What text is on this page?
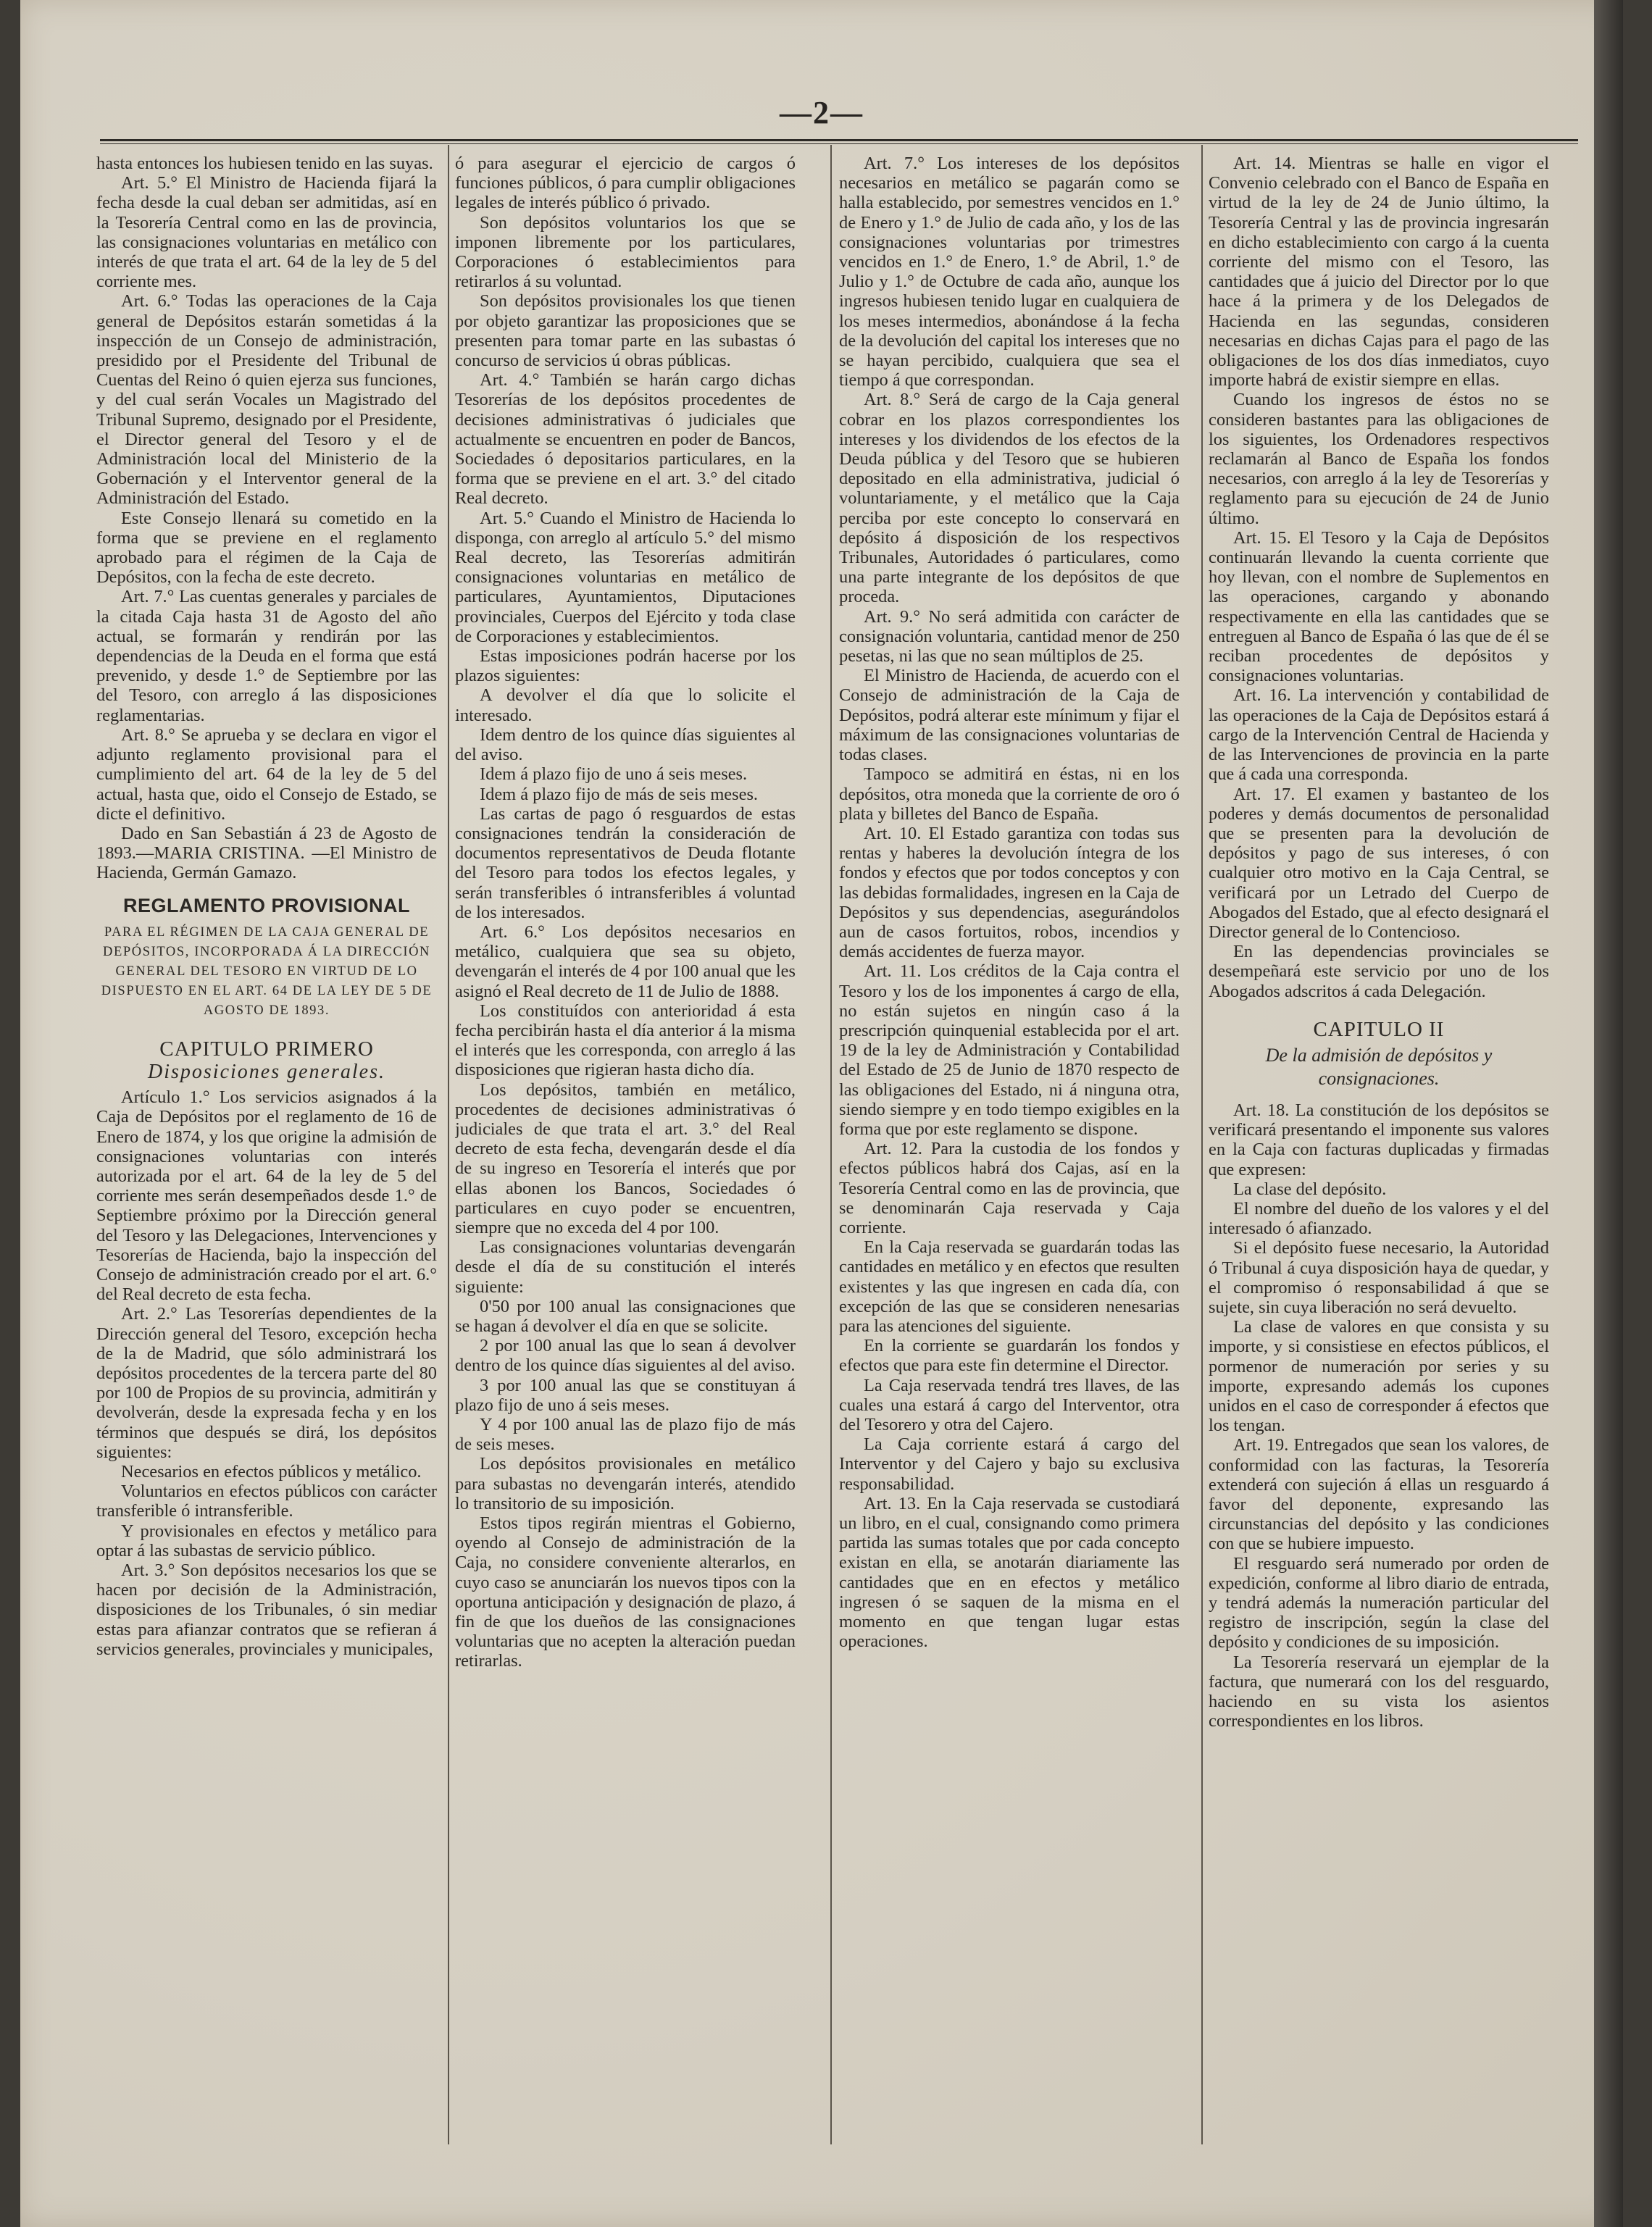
—2—

hasta entonces los hubiesen tenido en las suyas.

Art. 5.° El Ministro de Hacienda fijará la fecha desde la cual deban ser admitidas, así en la Tesorería Central como en las de provincia, las consignaciones voluntarias en metálico con interés de que trata el art. 64 de la ley de 5 del corriente mes.

Art. 6.° Todas las operaciones de la Caja general de Depósitos estarán sometidas á la inspección de un Consejo de administración, presidido por el Presidente del Tribunal de Cuentas del Reino ó quien ejerza sus funciones, y del cual serán Vocales un Magistrado del Tribunal Supremo, designado por el Presidente, el Director general del Tesoro y el de Administración local del Ministerio de la Gobernación y el Interventor general de la Administración del Estado.

Este Consejo llenará su cometido en la forma que se previene en el reglamento aprobado para el régimen de la Caja de Depósitos, con la fecha de este decreto.

Art. 7.° Las cuentas generales y parciales de la citada Caja hasta 31 de Agosto del año actual, se formarán y rendirán por las dependencias de la Deuda en el forma que está prevenido, y desde 1.° de Septiembre por las del Tesoro, con arreglo á las disposiciones reglamentarias.

Art. 8.° Se aprueba y se declara en vigor el adjunto reglamento provisional para el cumplimiento del art. 64 de la ley de 5 del actual, hasta que, oido el Consejo de Estado, se dicte el definitivo.

Dado en San Sebastián á 23 de Agosto de 1893.—MARIA CRISTINA. —El Ministro de Hacienda, Germán Gamazo.

REGLAMENTO PROVISIONAL

PARA EL RÉGIMEN DE LA CAJA GENERAL DE DEPÓSITOS, INCORPORADA Á LA DIRECCIÓN GENERAL DEL TESORO EN VIRTUD DE LO DISPUESTO EN EL ART. 64 DE LA LEY DE 5 DE AGOSTO DE 1893.

CAPITULO PRIMERO

Disposiciones generales.

Artículo 1.° Los servicios asignados á la Caja de Depósitos por el reglamento de 16 de Enero de 1874, y los que origine la admisión de consignaciones voluntarias con interés autorizada por el art. 64 de la ley de 5 del corriente mes serán desempeñados desde 1.° de Septiembre próximo por la Dirección general del Tesoro y las Delegaciones, Intervenciones y Tesorerías de Hacienda, bajo la inspección del Consejo de administración creado por el art. 6.° del Real decreto de esta fecha.

Art. 2.° Las Tesorerías dependientes de la Dirección general del Tesoro, excepción hecha de la de Madrid, que sólo administrará los depósitos procedentes de la tercera parte del 80 por 100 de Propios de su provincia, admitirán y devolverán, desde la expresada fecha y en los términos que después se dirá, los depósitos siguientes:

Necesarios en efectos públicos y metálico.

Voluntarios en efectos públicos con carácter transferible ó intransferible.

Y provisionales en efectos y metálico para optar á las subastas de servicio público.

Art. 3.° Son depósitos necesarios los que se hacen por decisión de la Administración, disposiciones de los Tribunales, ó sin mediar estas para afianzar contratos que se refieran á servicios generales, provinciales y municipales,

ó para asegurar el ejercicio de cargos ó funciones públicos, ó para cumplir obligaciones legales de interés público ó privado.

Son depósitos voluntarios los que se imponen libremente por los particulares, Corporaciones ó establecimientos para retirarlos á su voluntad.

Son depósitos provisionales los que tienen por objeto garantizar las proposiciones que se presenten para tomar parte en las subastas ó concurso de servicios ú obras públicas.

Art. 4.° También se harán cargo dichas Tesorerías de los depósitos procedentes de decisiones administrativas ó judiciales que actualmente se encuentren en poder de Bancos, Sociedades ó depositarios particulares, en la forma que se previene en el art. 3.° del citado Real decreto.

Art. 5.° Cuando el Ministro de Hacienda lo disponga, con arreglo al artículo 5.° del mismo Real decreto, las Tesorerías admitirán consignaciones voluntarias en metálico de particulares, Ayuntamientos, Diputaciones provinciales, Cuerpos del Ejército y toda clase de Corporaciones y establecimientos.

Estas imposiciones podrán hacerse por los plazos siguientes:

A devolver el día que lo solicite el interesado.

Idem dentro de los quince días siguientes al del aviso.

Idem á plazo fijo de uno á seis meses.

Idem á plazo fijo de más de seis meses.

Las cartas de pago ó resguardos de estas consignaciones tendrán la consideración de documentos representativos de Deuda flotante del Tesoro para todos los efectos legales, y serán transferibles ó intransferibles á voluntad de los interesados.

Art. 6.° Los depósitos necesarios en metálico, cualquiera que sea su objeto, devengarán el interés de 4 por 100 anual que les asignó el Real decreto de 11 de Julio de 1888.

Los constituídos con anterioridad á esta fecha percibirán hasta el día anterior á la misma el interés que les corresponda, con arreglo á las disposiciones que rigieran hasta dicho día.

Los depósitos, también en metálico, procedentes de decisiones administrativas ó judiciales de que trata el art. 3.° del Real decreto de esta fecha, devengarán desde el día de su ingreso en Tesorería el interés que por ellas abonen los Bancos, Sociedades ó particulares en cuyo poder se encuentren, siempre que no exceda del 4 por 100.

Las consignaciones voluntarias devengarán desde el día de su constitución el interés siguiente:

0'50 por 100 anual las consignaciones que se hagan á devolver el día en que se solicite.

2 por 100 anual las que lo sean á devolver dentro de los quince días siguientes al del aviso.

3 por 100 anual las que se constituyan á plazo fijo de uno á seis meses.

Y 4 por 100 anual las de plazo fijo de más de seis meses.

Los depósitos provisionales en metálico para subastas no devengarán interés, atendido lo transitorio de su imposición.

Estos tipos regirán mientras el Gobierno, oyendo al Consejo de administración de la Caja, no considere conveniente alterarlos, en cuyo caso se anunciarán los nuevos tipos con la oportuna anticipación y designación de plazo, á fin de que los dueños de las consignaciones voluntarias que no acepten la alteración puedan retirarlas.

Art. 7.° Los intereses de los depósitos necesarios en metálico se pagarán como se halla establecido, por semestres vencidos en 1.° de Enero y 1.° de Julio de cada año, y los de las consignaciones voluntarias por trimestres vencidos en 1.° de Enero, 1.° de Abril, 1.° de Julio y 1.° de Octubre de cada año, aunque los ingresos hubiesen tenido lugar en cualquiera de los meses intermedios, abonándose á la fecha de la devolución del capital los intereses que no se hayan percibido, cualquiera que sea el tiempo á que correspondan.

Art. 8.° Será de cargo de la Caja general cobrar en los plazos correspondientes los intereses y los dividendos de los efectos de la Deuda pública y del Tesoro que se hubieren depositado en ella administrativa, judicial ó voluntariamente, y el metálico que la Caja perciba por este concepto lo conservará en depósito á disposición de los respectivos Tribunales, Autoridades ó particulares, como una parte integrante de los depósitos de que proceda.

Art. 9.° No será admitida con carácter de consignación voluntaria, cantidad menor de 250 pesetas, ni las que no sean múltiplos de 25.

El Ministro de Hacienda, de acuerdo con el Consejo de administración de la Caja de Depósitos, podrá alterar este mínimum y fijar el máximum de las consignaciones voluntarias de todas clases.

Tampoco se admitirá en éstas, ni en los depósitos, otra moneda que la corriente de oro ó plata y billetes del Banco de España.

Art. 10. El Estado garantiza con todas sus rentas y haberes la devolución íntegra de los fondos y efectos que por todos conceptos y con las debidas formalidades, ingresen en la Caja de Depósitos y sus dependencias, asegurándolos aun de casos fortuitos, robos, incendios y demás accidentes de fuerza mayor.

Art. 11. Los créditos de la Caja contra el Tesoro y los de los imponentes á cargo de ella, no están sujetos en ningún caso á la prescripción quinquenial establecida por el art. 19 de la ley de Administración y Contabilidad del Estado de 25 de Junio de 1870 respecto de las obligaciones del Estado, ni á ninguna otra, siendo siempre y en todo tiempo exigibles en la forma que por este reglamento se dispone.

Art. 12. Para la custodia de los fondos y efectos públicos habrá dos Cajas, así en la Tesorería Central como en las de provincia, que se denominarán Caja reservada y Caja corriente.

En la Caja reservada se guardarán todas las cantidades en metálico y en efectos que resulten existentes y las que ingresen en cada día, con excepción de las que se consideren nenesarias para las atenciones del siguiente.

En la corriente se guardarán los fondos y efectos que para este fin determine el Director.

La Caja reservada tendrá tres llaves, de las cuales una estará á cargo del Interventor, otra del Tesorero y otra del Cajero.

La Caja corriente estará á cargo del Interventor y del Cajero y bajo su exclusiva responsabilidad.

Art. 13. En la Caja reservada se custodiará un libro, en el cual, consignando como primera partida las sumas totales que por cada concepto existan en ella, se anotarán diariamente las cantidades que en en efectos y metálico ingresen ó se saquen de la misma en el momento en que tengan lugar estas operaciones.

Art. 14. Mientras se halle en vigor el Convenio celebrado con el Banco de España en virtud de la ley de 24 de Junio último, la Tesorería Central y las de provincia ingresarán en dicho establecimiento con cargo á la cuenta corriente del mismo con el Tesoro, las cantidades que á juicio del Director por lo que hace á la primera y de los Delegados de Hacienda en las segundas, consideren necesarias en dichas Cajas para el pago de las obligaciones de los dos días inmediatos, cuyo importe habrá de existir siempre en ellas.

Cuando los ingresos de éstos no se consideren bastantes para las obligaciones de los siguientes, los Ordenadores respectivos reclamarán al Banco de España los fondos necesarios, con arreglo á la ley de Tesorerías y reglamento para su ejecución de 24 de Junio último.

Art. 15. El Tesoro y la Caja de Depósitos continuarán llevando la cuenta corriente que hoy llevan, con el nombre de Suplementos en las operaciones, cargando y abonando respectivamente en ella las cantidades que se entreguen al Banco de España ó las que de él se reciban procedentes de depósitos y consignaciones voluntarias.

Art. 16. La intervención y contabilidad de las operaciones de la Caja de Depósitos estará á cargo de la Intervención Central de Hacienda y de las Intervenciones de provincia en la parte que á cada una corresponda.

Art. 17. El examen y bastanteo de los poderes y demás documentos de personalidad que se presenten para la devolución de depósitos y pago de sus intereses, ó con cualquier otro motivo en la Caja Central, se verificará por un Letrado del Cuerpo de Abogados del Estado, que al efecto designará el Director general de lo Contencioso.

En las dependencias provinciales se desempeñará este servicio por uno de los Abogados adscritos á cada Delegación.

CAPITULO II

De la admisión de depósitos y consignaciones.

Art. 18. La constitución de los depósitos se verificará presentando el imponente sus valores en la Caja con facturas duplicadas y firmadas que expresen:

La clase del depósito.

El nombre del dueño de los valores y el del interesado ó afianzado.

Si el depósito fuese necesario, la Autoridad ó Tribunal á cuya disposición haya de quedar, y el compromiso ó responsabilidad á que se sujete, sin cuya liberación no será devuelto.

La clase de valores en que consista y su importe, y si consistiese en efectos públicos, el pormenor de numeración por series y su importe, expresando además los cupones unidos en el caso de corresponder á efectos que los tengan.

Art. 19. Entregados que sean los valores, de conformidad con las facturas, la Tesorería extenderá con sujeción á ellas un resguardo á favor del deponente, expresando las circunstancias del depósito y las condiciones con que se hubiere impuesto.

El resguardo será numerado por orden de expedición, conforme al libro diario de entrada, y tendrá además la numeración particular del registro de inscripción, según la clase del depósito y condiciones de su imposición.

La Tesorería reservará un ejemplar de la factura, que numerará con los del resguardo, haciendo en su vista los asientos correspondientes en los libros.
